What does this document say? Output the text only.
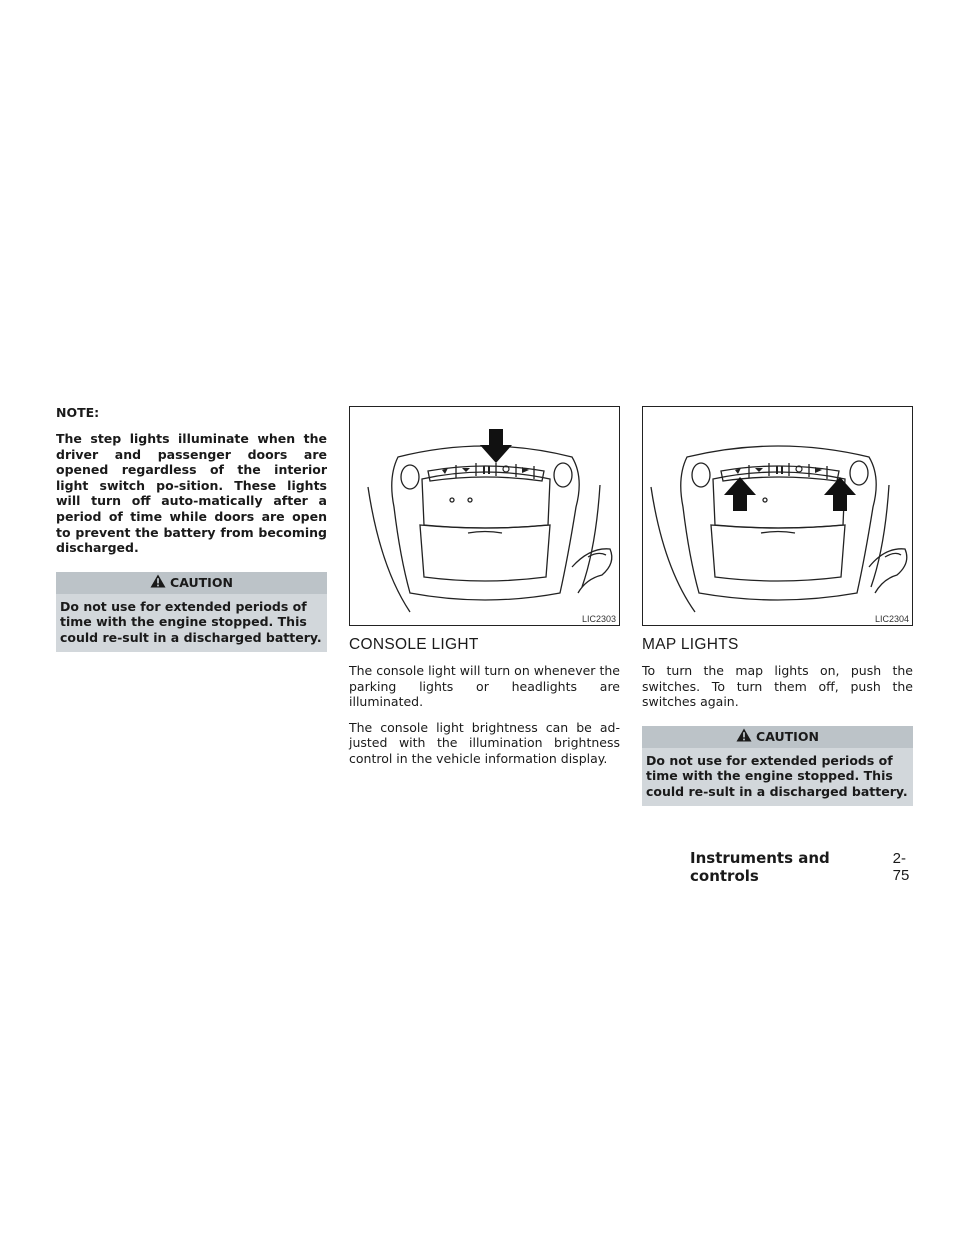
NOTE:

The step lights illuminate when the driver and passenger doors are opened regardless of the interior light switch po-sition. These lights will turn off auto-matically after a period of time while doors are open to prevent the battery from becoming discharged.

CAUTION
Do not use for extended periods of time with the engine stopped. This could re-sult in a discharged battery.
LIC2303
CONSOLE LIGHT

The console light will turn on whenever the parking lights or headlights are illuminated.

The console light brightness can be ad-justed with the illumination brightness control in the vehicle information display.

LIC2304
MAP LIGHTS

To turn the map lights on, push the switches. To turn them off, push the switches again.

CAUTION
Do not use for extended periods of time with the engine stopped. This could re-sult in a discharged battery.
Instruments and controls
2-75
